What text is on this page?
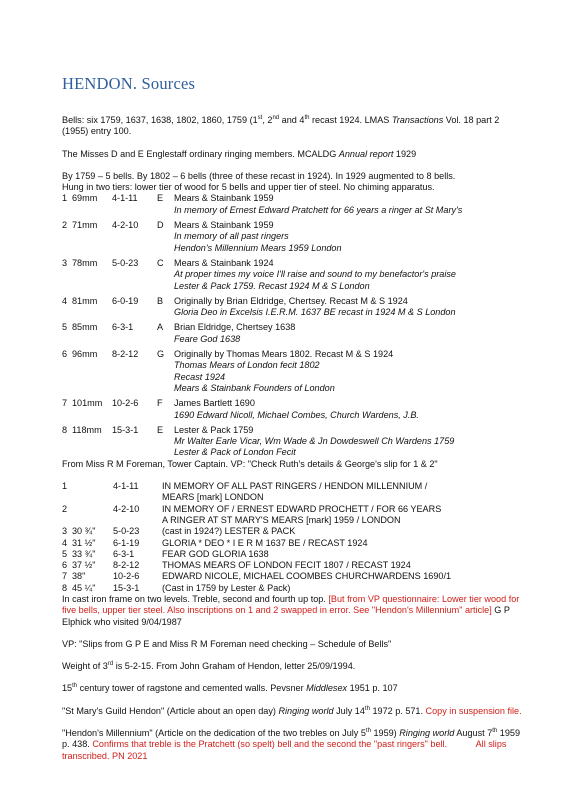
HENDON. Sources

Bells: six 1759, 1637, 1638, 1802, 1860, 1759 (1st, 2nd and 4th recast 1924. LMAS Transactions Vol. 18 part 2 (1955) entry 100.

The Misses D and E Englestaff ordinary ringing members. MCALDG Annual report 1929

By 1759 – 5 bells. By 1802 – 6 bells (three of these recast in 1924). In 1929 augmented to 8 bells.

Hung in two tiers: lower tier of wood for 5 bells and upper tier of steel. No chiming apparatus.

1	69mm	4-1-11	E	Mears & Stainbank 1959
				In memory of Ernest Edward Pratchett for 66 years a ringer at St Mary's

2	71mm	4-2-10	D	Mears & Stainbank 1959
				In memory of all past ringers
				Hendon's Millennium Mears 1959 London

3	78mm	5-0-23	C	Mears & Stainbank 1924
				At proper times my voice I'll raise and sound to my benefactor's praise
				Lester & Pack 1759. Recast 1924 M & S London

4	81mm	6-0-19	B	Originally by Brian Eldridge, Chertsey. Recast M & S 1924
				Gloria Deo in Excelsis I.E.R.M. 1637 BE recast in 1924 M & S London

5	85mm	6-3-1	A	Brian Eldridge, Chertsey 1638
				Feare God 1638

6	96mm	8-2-12	G	Originally by Thomas Mears 1802. Recast M & S 1924
				Thomas Mears of London fecit 1802
				Recast 1924
				Mears & Stainbank Founders of London

7	101mm	10-2-6	F	James Bartlett 1690
				1690 Edward Nicoll, Michael Combes, Church Wardens, J.B.

8	118mm	15-3-1	E	Lester & Pack 1759
				Mr Walter Earle Vicar, Wm Wade & Jn Dowdeswell Ch Wardens 1759
				Lester & Pack of London Fecit

From Miss R M Foreman, Tower Captain. VP: "Check Ruth's details & George's slip for 1 & 2"

1		4-1-11	IN MEMORY OF ALL PAST RINGERS / HENDON MILLENNIUM /
			MEARS [mark] LONDON
2		4-2-10	IN MEMORY OF / ERNEST EDWARD PROCHETT / FOR 66 YEARS
			A RINGER AT ST MARY'S MEARS [mark] 1959 / LONDON
3	30 ¾"	5-0-23	(cast in 1924?) LESTER & PACK
4	31 ½"	6-1-19	GLORIA * DEO * I E R M 1637 BE / RECAST 1924
5	33 ¾"	6-3-1	FEAR GOD GLORIA 1638
6	37 ½"	8-2-12	THOMAS MEARS OF LONDON FECIT 1807 / RECAST 1924
7	38"	10-2-6	EDWARD NICOLE, MICHAEL COOMBES CHURCHWARDENS 1690/1
8	45 ¼"	15-3-1	(Cast in 1759 by Lester & Pack)

In cast iron frame on two levels. Treble, second and fourth up top. [But from VP questionnaire: Lower tier wood for five bells, upper tier steel. Also inscriptions on 1 and 2 swapped in error. See "Hendon's Millennium" article] G P Elphick who visited 9/04/1987

VP: "Slips from G P E and Miss R M Foreman need checking – Schedule of Bells"

Weight of 3rd is 5-2-15. From John Graham of Hendon, letter 25/09/1994.

15th century tower of ragstone and cemented walls. Pevsner Middlesex 1951 p. 107

"St Mary's Guild Hendon" (Article about an open day) Ringing world July 14th 1972 p. 571. Copy in suspension file.

"Hendon's Millennium" (Article on the dedication of the two trebles on July 5th 1959) Ringing world August 7th 1959 p. 438. Confirms that treble is the Pratchett (so spelt) bell and the second the "past ringers" bell.	All slips transcribed. PN 2021
